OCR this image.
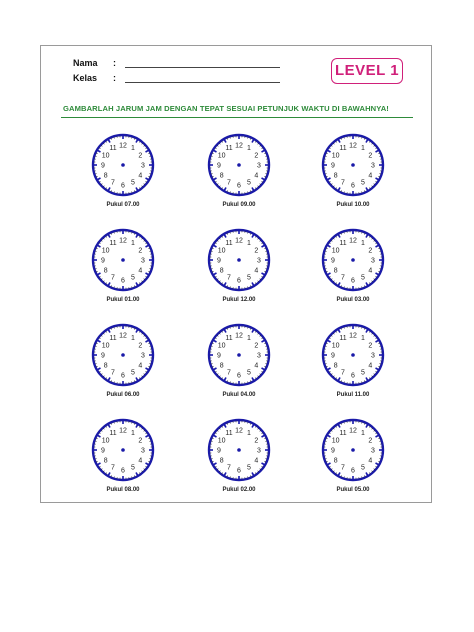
Nama :
Kelas :	LEVEL 1
GAMBARLAH JARUM JAM DENGAN TEPAT SESUAI PETUNJUK WAKTU DI BAWAHNYA!
12 1
2
3
4
5
6
7
8
9
10
11
Pukul 07.00
12 1
2
3
4
5
6
7
8
9
10
11
Pukul 09.00
12 1
2
3
4
5
6
7
8
9
10
11
Pukul 10.00
12 1
2
3
4
5
6
7
8
9
10
11
Pukul 01.00
12 1
2
3
4
5
6
7
8
9
10
11
Pukul 12.00
12 1
2
3
4
5
6
7
8
9
10
11
Pukul 03.00
12 1
2
3
4
5
6
7
8
9
10
11
Pukul 06.00
12 1
2
3
4
5
6
7
8
9
10
11
Pukul 04.00
12 1
2
3
4
5
6
7
8
9
10
11
Pukul 11.00
12 1
2
3
4
5
6
7
8
9
10
11
Pukul 08.00
12 1
2
3
4
5
6
7
8
9
10
11
Pukul 02.00
12 1
2
3
4
5
6
7
8
9
10
11
Pukul 05.00
